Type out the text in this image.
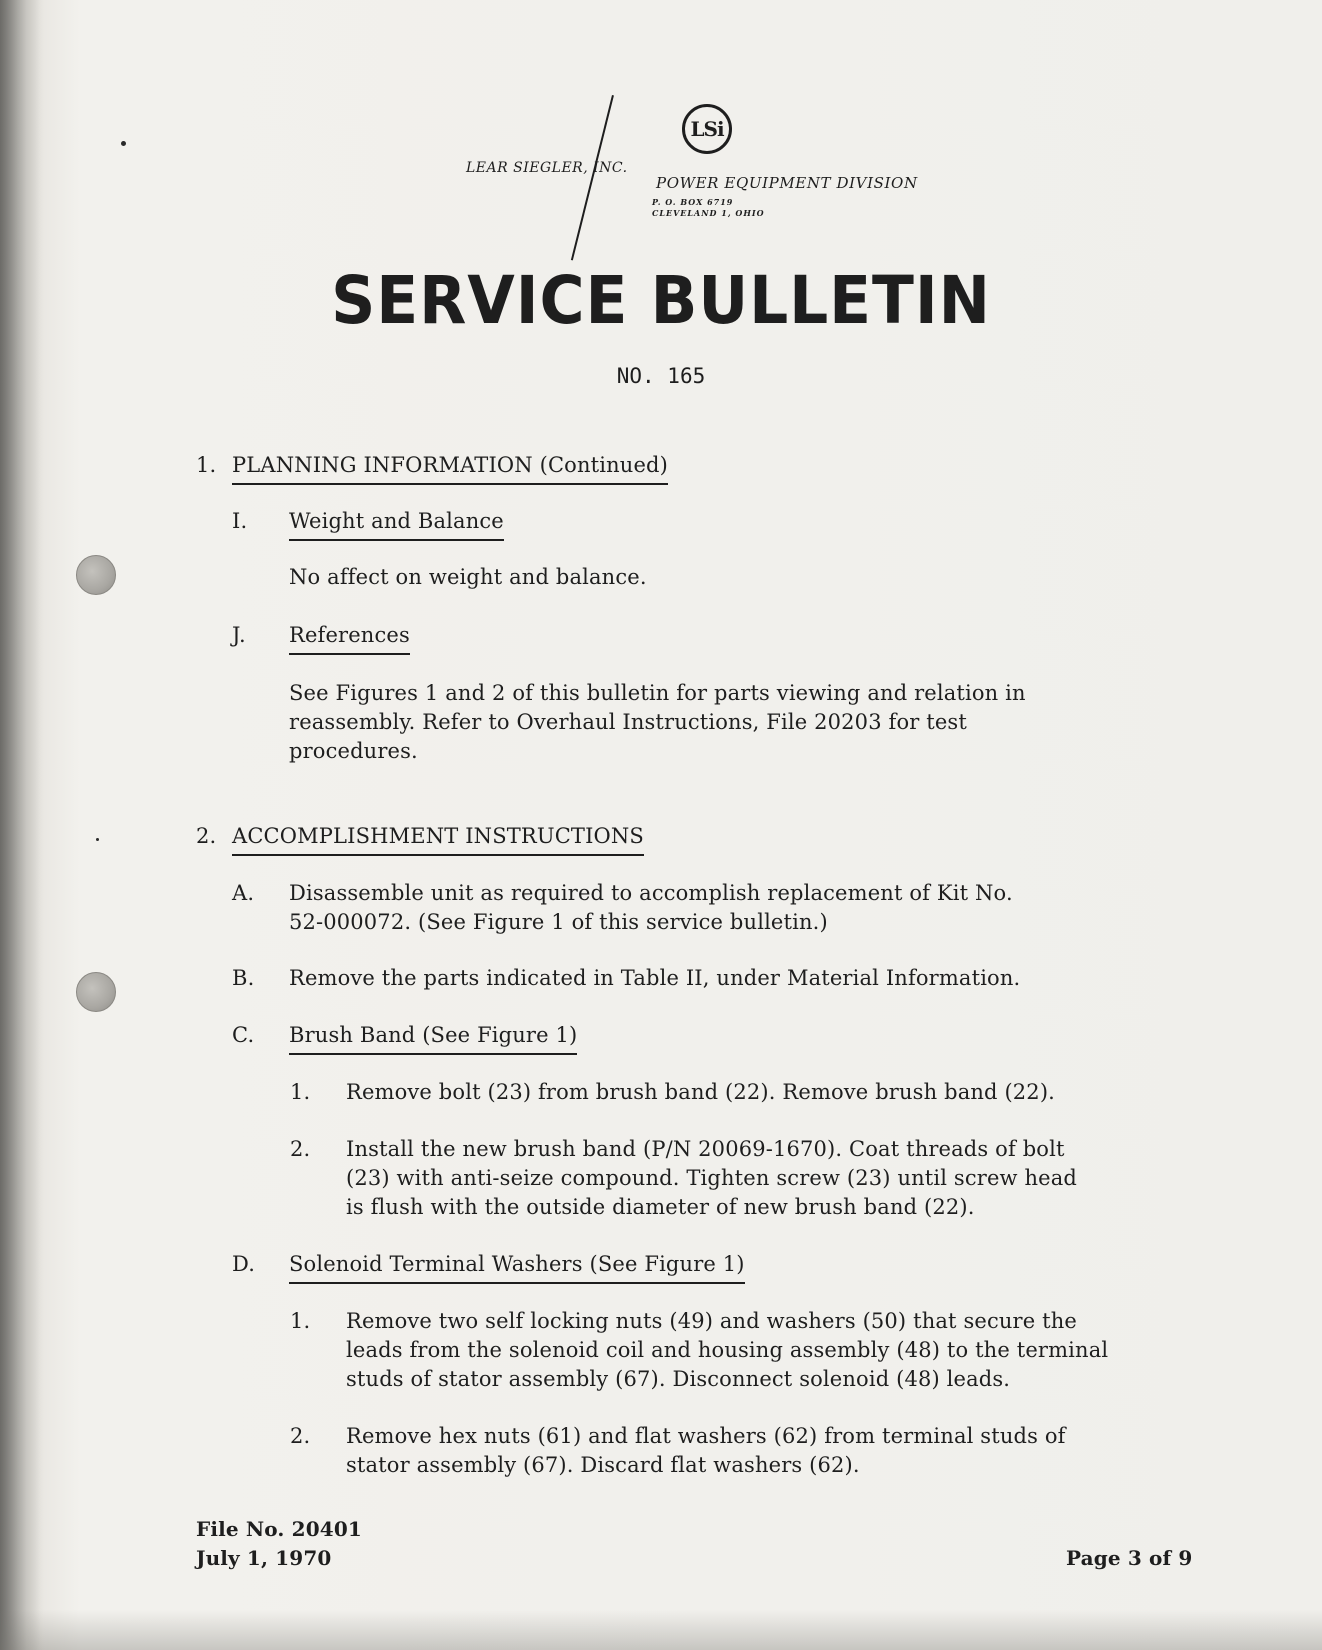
LSi
LEAR SIEGLER, INC.
POWER EQUIPMENT DIVISION
P. O. BOX 6719
CLEVELAND 1, OHIO
SERVICE BULLETIN
NO. 165
1. PLANNING INFORMATION (Continued)
I. Weight and Balance
No affect on weight and balance.
J. References
See Figures 1 and 2 of this bulletin for parts viewing and relation in
reassembly. Refer to Overhaul Instructions, File 20203 for test
procedures.
2. ACCOMPLISHMENT INSTRUCTIONS
A. Disassemble unit as required to accomplish replacement of Kit No.
52-000072. (See Figure 1 of this service bulletin.)
B. Remove the parts indicated in Table II, under Material Information.
C. Brush Band (See Figure 1)
1. Remove bolt (23) from brush band (22). Remove brush band (22).
2. Install the new brush band (P/N 20069-1670). Coat threads of bolt
(23) with anti-seize compound. Tighten screw (23) until screw head
is flush with the outside diameter of new brush band (22).
D. Solenoid Terminal Washers (See Figure 1)
1. Remove two self locking nuts (49) and washers (50) that secure the
leads from the solenoid coil and housing assembly (48) to the terminal
studs of stator assembly (67). Disconnect solenoid (48) leads.
2. Remove hex nuts (61) and flat washers (62) from terminal studs of
stator assembly (67). Discard flat washers (62).
File No. 20401
July 1, 1970	Page 3 of 9
